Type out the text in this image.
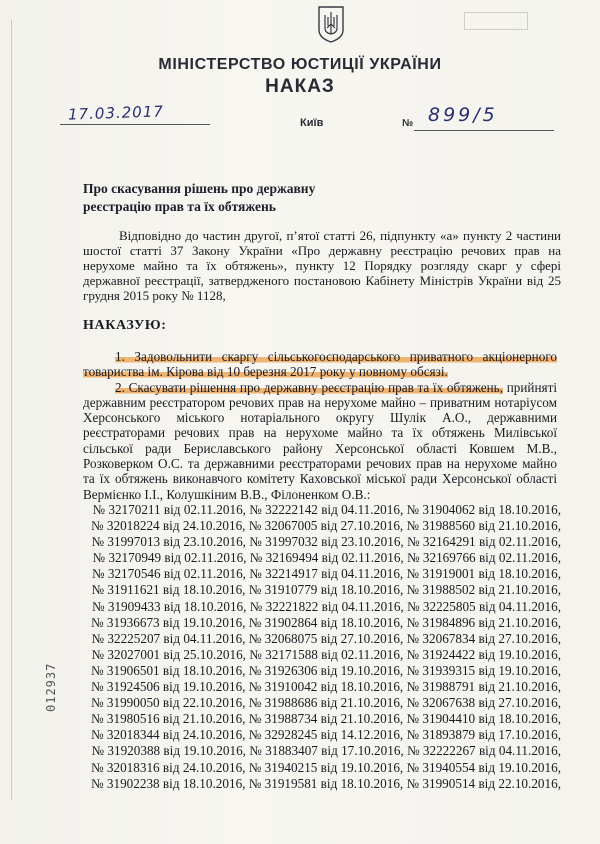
МІНІСТЕРСТВО ЮСТИЦІЇ УКРАЇНИ
НАКАЗ
17.03.2017	Київ	№ 899/5
Про скасування рішень про державну реєстрацію прав та їх обтяжень
Відповідно до частин другої, п’ятої статті 26, підпункту «а» пункту 2 частини шостої статті 37 Закону України «Про державну реєстрацію речових прав на нерухоме майно та їх обтяжень», пункту 12 Порядку розгляду скарг у сфері державної реєстрації, затвердженого постановою Кабінету Міністрів України від 25 грудня 2015 року № 1128,
НАКАЗУЮ:

1. Задовольнити скаргу сільськогосподарського приватного акціонерного товариства ім. Кірова від 10 березня 2017 року у повному обсязі.

2. Скасувати рішення про державну реєстрацію прав та їх обтяжень, прийняті державним реєстратором речових прав на нерухоме майно – приватним нотаріусом Херсонського міського нотаріального округу Шулік А.О., державними реєстраторами речових прав на нерухоме майно та їх обтяжень Милівської сільської ради Бериславського району Херсонської області Ковшем М.В., Розковерком О.С. та державними реєстраторами речових прав на нерухоме майно та їх обтяжень виконавчого комітету Каховської міської ради Херсонської області Вермієнко І.І., Колушкіним В.В., Філоненком О.В.:

№ 32170211 від 02.11.2016, № 32222142 від 04.11.2016, № 31904062 від 18.10.2016,
№ 32018224 від 24.10.2016, № 32067005 від 27.10.2016, № 31988560 від 21.10.2016,
№ 31997013 від 23.10.2016, № 31997032 від 23.10.2016, № 32164291 від 02.11.2016,
№ 32170949 від 02.11.2016, № 32169494 від 02.11.2016, № 32169766 від 02.11.2016,
№ 32170546 від 02.11.2016, № 32214917 від 04.11.2016, № 31919001 від 18.10.2016,
№ 31911621 від 18.10.2016, № 31910779 від 18.10.2016, № 31988502 від 21.10.2016,
№ 31909433 від 18.10.2016, № 32221822 від 04.11.2016, № 32225805 від 04.11.2016,
№ 31936673 від 19.10.2016, № 31902864 від 18.10.2016, № 31984896 від 21.10.2016,
№ 32225207 від 04.11.2016, № 32068075 від 27.10.2016, № 32067834 від 27.10.2016,
№ 32027001 від 25.10.2016, № 32171588 від 02.11.2016, № 31924422 від 19.10.2016,
№ 31906501 від 18.10.2016, № 31926306 від 19.10.2016, № 31939315 від 19.10.2016,
№ 31924506 від 19.10.2016, № 31910042 від 18.10.2016, № 31988791 від 21.10.2016,
№ 31990050 від 22.10.2016, № 31988686 від 21.10.2016, № 32067638 від 27.10.2016,
№ 31980516 від 21.10.2016, № 31988734 від 21.10.2016, № 31904410 від 18.10.2016,
№ 32018344 від 24.10.2016, № 32928245 від 14.12.2016, № 31893879 від 17.10.2016,
№ 31920388 від 19.10.2016, № 31883407 від 17.10.2016, № 32222267 від 04.11.2016,
№ 32018316 від 24.10.2016, № 31940215 від 19.10.2016, № 31940554 від 19.10.2016,
№ 31902238 від 18.10.2016, № 31919581 від 18.10.2016, № 31990514 від 22.10.2016,
012937
